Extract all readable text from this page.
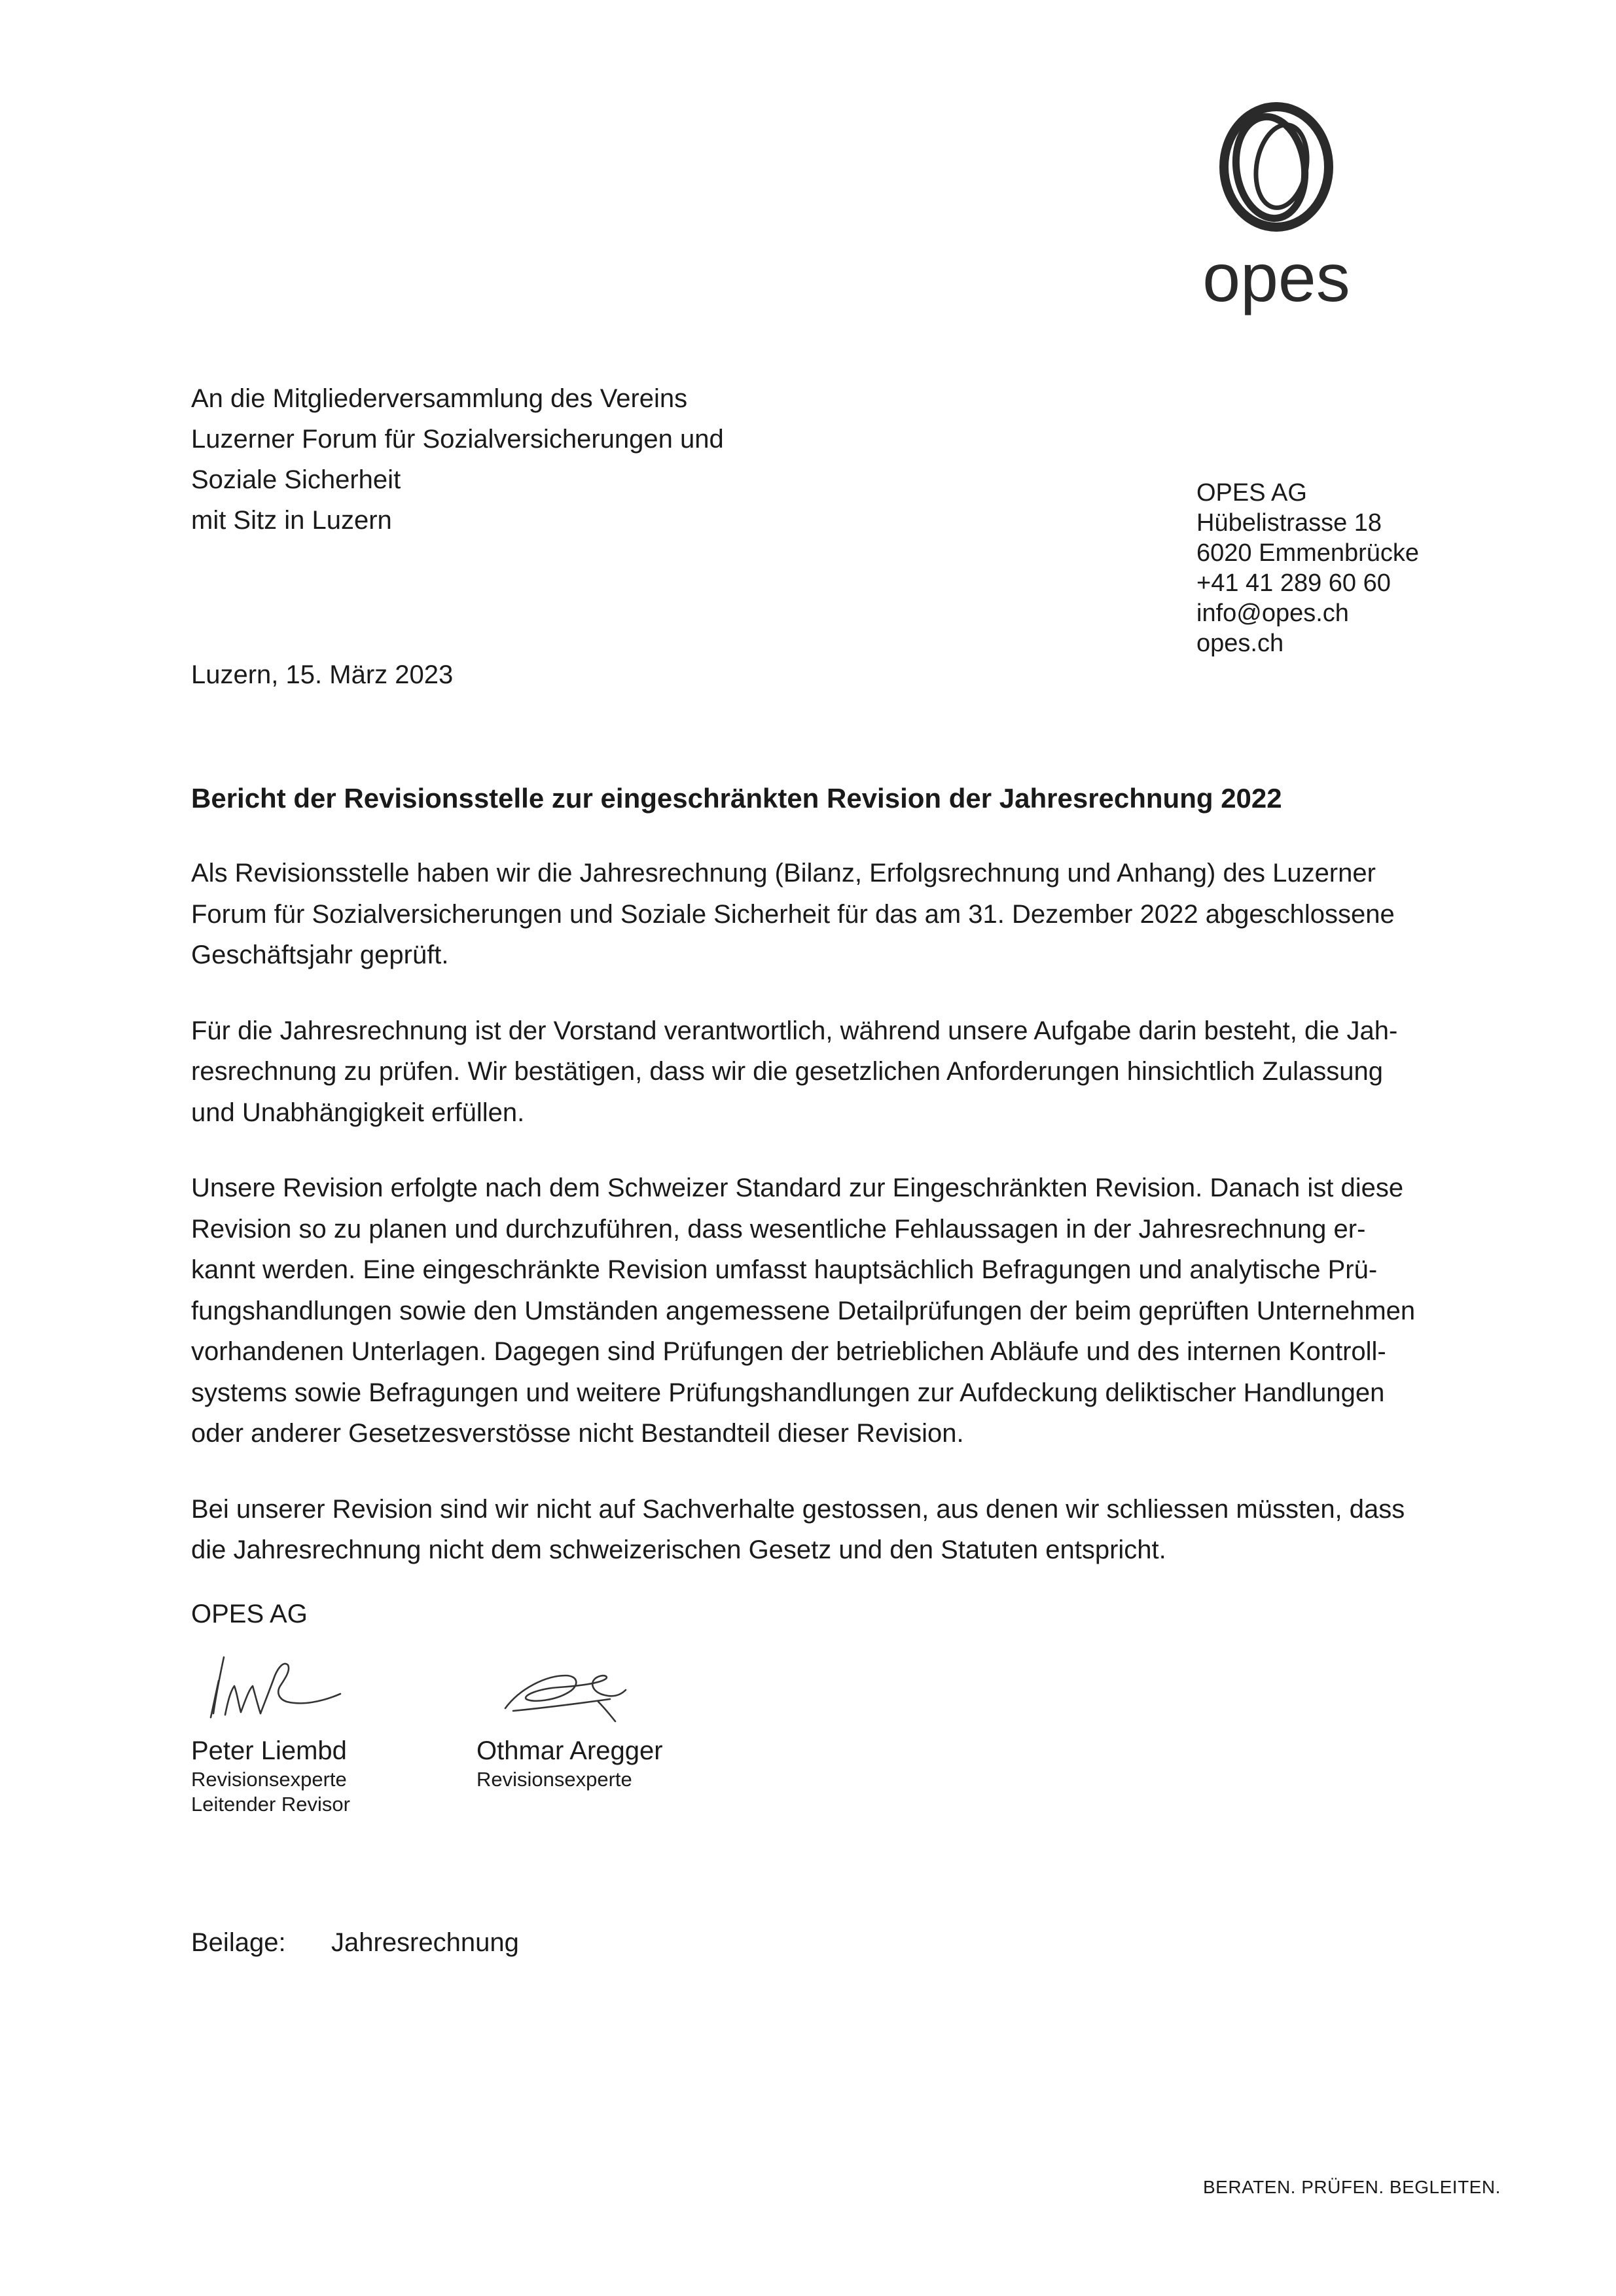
opes
An die Mitgliederversammlung des Vereins
Luzerner Forum für Sozialversicherungen und
Soziale Sicherheit
mit Sitz in Luzern
OPES AG
Hübelistrasse 18
6020 Emmenbrücke
+41 41 289 60 60
info@opes.ch
opes.ch
Luzern, 15. März 2023
Bericht der Revisionsstelle zur eingeschränkten Revision der Jahresrechnung 2022

Als Revisionsstelle haben wir die Jahresrechnung (Bilanz, Erfolgsrechnung und Anhang) des Luzerner
Forum für Sozialversicherungen und Soziale Sicherheit für das am 31. Dezember 2022 abgeschlossene
Geschäftsjahr geprüft.

Für die Jahresrechnung ist der Vorstand verantwortlich, während unsere Aufgabe darin besteht, die Jah-
resrechnung zu prüfen. Wir bestätigen, dass wir die gesetzlichen Anforderungen hinsichtlich Zulassung
und Unabhängigkeit erfüllen.

Unsere Revision erfolgte nach dem Schweizer Standard zur Eingeschränkten Revision. Danach ist diese
Revision so zu planen und durchzuführen, dass wesentliche Fehlaussagen in der Jahresrechnung er-
kannt werden. Eine eingeschränkte Revision umfasst hauptsächlich Befragungen und analytische Prü-
fungshandlungen sowie den Umständen angemessene Detailprüfungen der beim geprüften Unternehmen
vorhandenen Unterlagen. Dagegen sind Prüfungen der betrieblichen Abläufe und des internen Kontroll-
systems sowie Befragungen und weitere Prüfungshandlungen zur Aufdeckung deliktischer Handlungen
oder anderer Gesetzesverstösse nicht Bestandteil dieser Revision.

Bei unserer Revision sind wir nicht auf Sachverhalte gestossen, aus denen wir schliessen müssten, dass
die Jahresrechnung nicht dem schweizerischen Gesetz und den Statuten entspricht.

OPES AG
Peter Liembd
Revisionsexperte
Leitender Revisor
Othmar Aregger
Revisionsexperte
Beilage: Jahresrechnung
BERATEN. PRÜFEN. BEGLEITEN.
